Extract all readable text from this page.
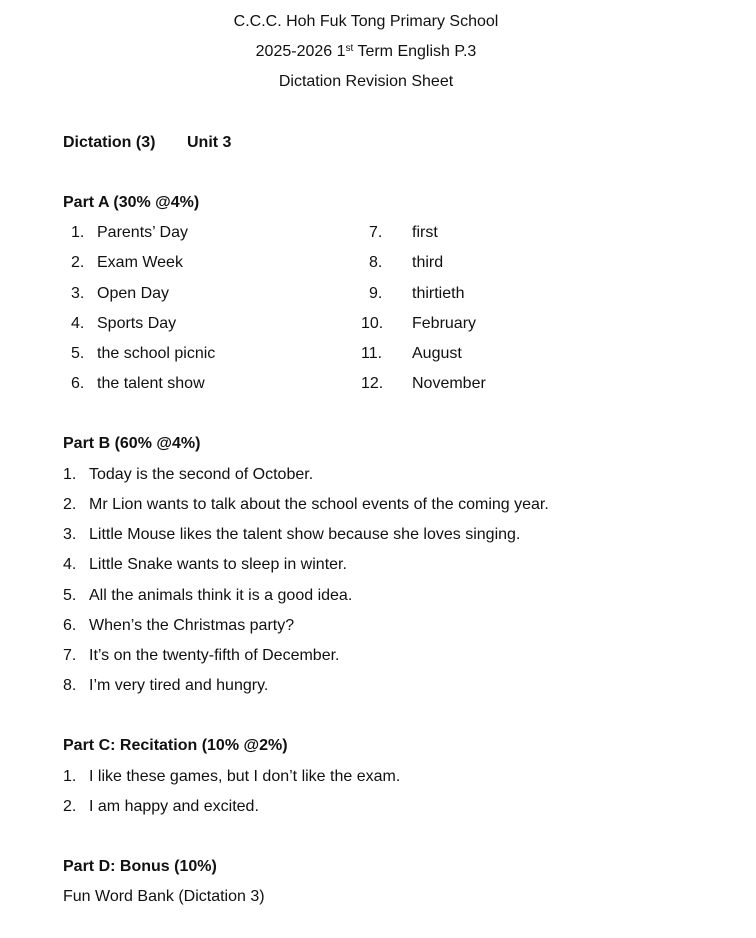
C.C.C. Hoh Fuk Tong Primary School
2025-2026 1st Term English P.3
Dictation Revision Sheet
Dictation (3) Unit 3
Part A (30% @4%)
1. Parents’ Day
2. Exam Week
3. Open Day
4. Sports Day
5. the school picnic
6. the talent show
7. first
8. third
9. thirtieth
10. February
11. August
12. November
Part B (60% @4%)
1. Today is the second of October.
2. Mr Lion wants to talk about the school events of the coming year.
3. Little Mouse likes the talent show because she loves singing.
4. Little Snake wants to sleep in winter.
5. All the animals think it is a good idea.
6. When’s the Christmas party?
7. It’s on the twenty-fifth of December.
8. I’m very tired and hungry.
Part C: Recitation (10% @2%)
1. I like these games, but I don’t like the exam.
2. I am happy and excited.
Part D: Bonus (10%)
Fun Word Bank (Dictation 3)
